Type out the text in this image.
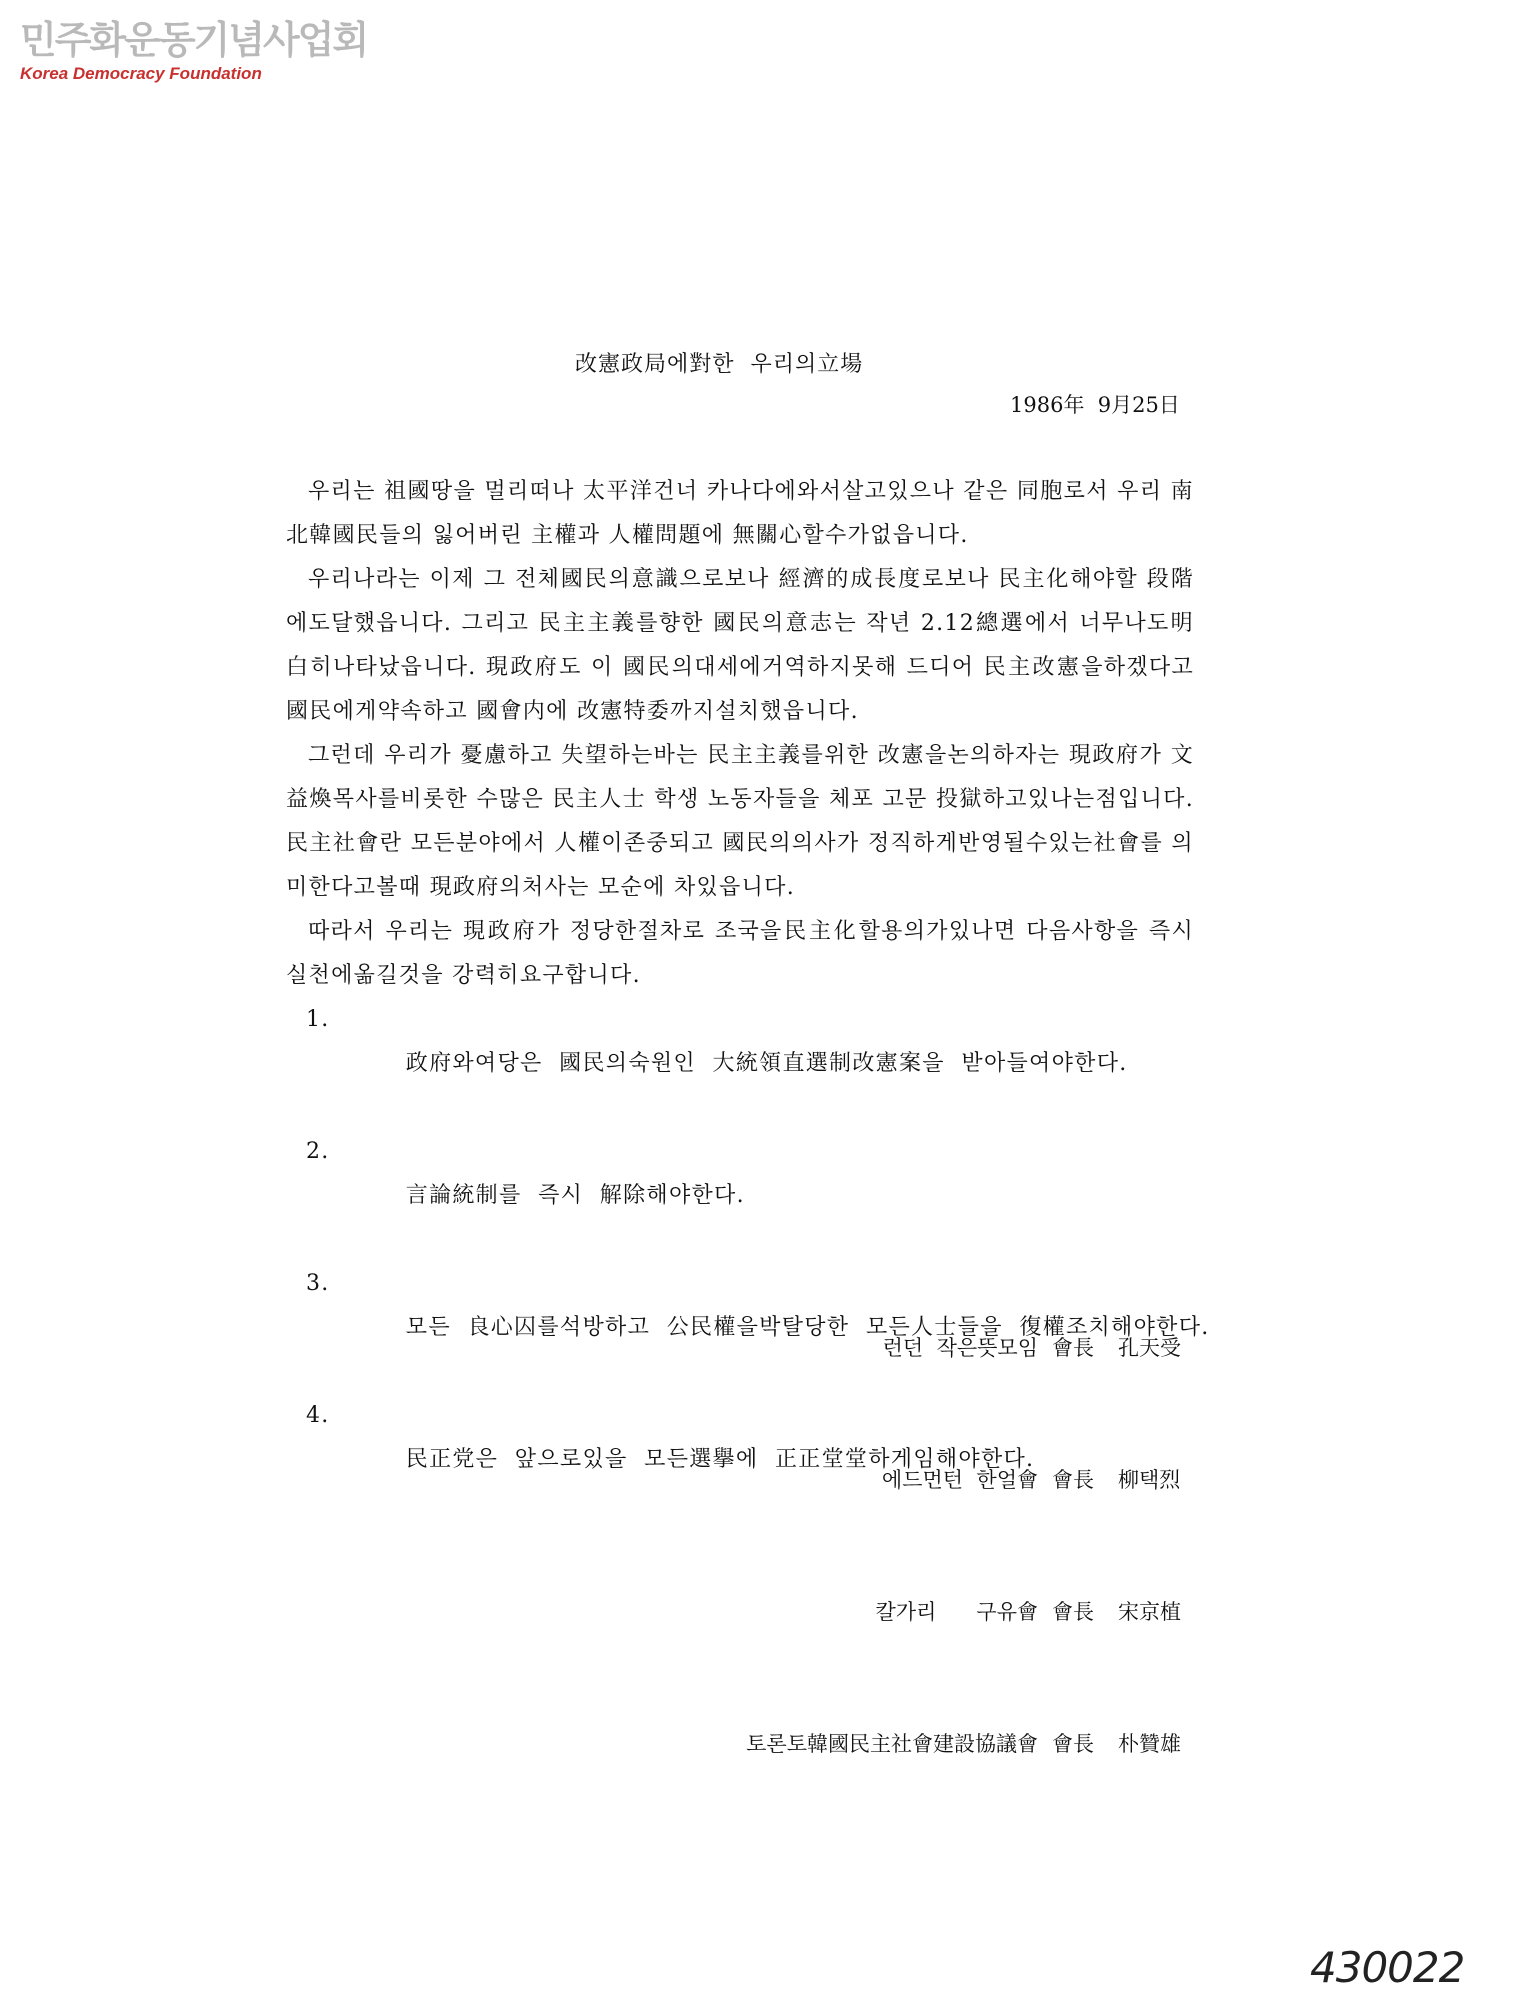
민주화운동기념사업회
Korea Democracy Foundation
改憲政局에對한  우리의立場
1986年  9月25日

우리는 祖國땅을 멀리떠나 太平洋건너 카나다에와서살고있으나 같은 同胞로서 우리 南北韓國民들의 잃어버린 主權과 人權問題에 無關心할수가없읍니다.

우리나라는 이제 그 전체國民의意識으로보나 經濟的成長度로보나 民主化해야할 段階에도달했읍니다. 그리고 民主主義를향한 國民의意志는 작년 2.12總選에서 너무나도明白히나타났읍니다. 現政府도 이 國民의대세에거역하지못해 드디어 民主改憲을하겠다고 國民에게약속하고 國會内에 改憲特委까지설치했읍니다.

그런데 우리가 憂慮하고 失望하는바는 民主主義를위한 改憲을논의하자는 現政府가 文益煥목사를비롯한 수많은 民主人士 학생 노동자들을 체포 고문 投獄하고있나는점입니다. 民主社會란 모든분야에서 人權이존중되고 國民의의사가 정직하게반영될수있는社會를 의미한다고볼때 現政府의처사는 모순에 차있읍니다.

따라서 우리는 現政府가 정당한절차로 조국을民主化할용의가있나면 다음사항을 즉시 실천에옮길것을 강력히요구합니다.

1.
政府와여당은  國民의숙원인  大統領直選制改憲案을  받아들여야한다.

2.
言論統制를  즉시  解除해야한다.

3.
모든  良心囚를석방하고  公民權을박탈당한  모든人士들을  復權조치해야한다.

4.
民正党은  앞으로있을  모든選擧에  正正堂堂하게임해야한다.

런던  작은뜻모임 會長	孔天受

에드먼턴  한얼會 會長	柳택烈

칼가리      구유會 會長	宋京植

토론토韓國民主社會建設協議會 會長	朴贊雄

430022
